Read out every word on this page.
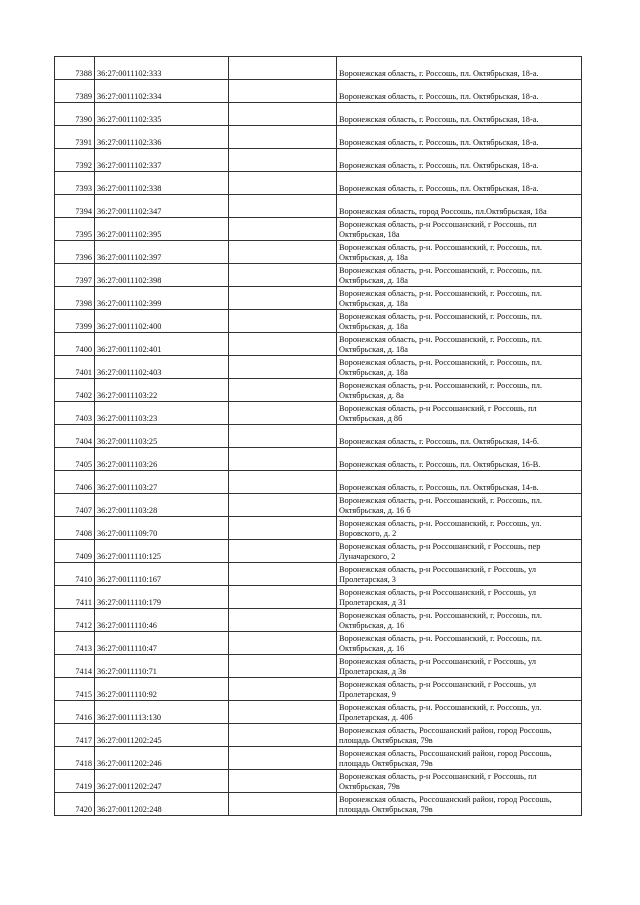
7388	36:27:0011102:333		Воронежская область, г. Россошь, пл. Октябрьская, 18-а.
7389	36:27:0011102:334		Воронежская область, г. Россошь, пл. Октябрьская, 18-а.
7390	36:27:0011102:335		Воронежская область, г. Россошь, пл. Октябрьская, 18-а.
7391	36:27:0011102:336		Воронежская область, г. Россошь, пл. Октябрьская, 18-а.
7392	36:27:0011102:337		Воронежская область, г. Россошь, пл. Октябрьская, 18-а.
7393	36:27:0011102:338		Воронежская область, г. Россошь, пл. Октябрьская, 18-а.
7394	36:27:0011102:347		Воронежская область, город Россошь, пл.Октябрьская, 18а
7395	36:27:0011102:395		Воронежская область, р-н Россошанский, г Россошь, пл Октябрьская, 18а
7396	36:27:0011102:397		Воронежская область, р-н. Россошанский, г. Россошь, пл. Октябрьская, д. 18а
7397	36:27:0011102:398		Воронежская область, р-н. Россошанский, г. Россошь, пл. Октябрьская, д. 18а
7398	36:27:0011102:399		Воронежская область, р-н. Россошанский, г. Россошь, пл. Октябрьская, д. 18а
7399	36:27:0011102:400		Воронежская область, р-н. Россошанский, г. Россошь, пл. Октябрьская, д. 18а
7400	36:27:0011102:401		Воронежская область, р-н. Россошанский, г. Россошь, пл. Октябрьская, д. 18а
7401	36:27:0011102:403		Воронежская область, р-н. Россошанский, г. Россошь, пл. Октябрьская, д. 18а
7402	36:27:0011103:22		Воронежская область, р-н. Россошанский, г. Россошь, пл. Октябрьская, д. 8а
7403	36:27:0011103:23		Воронежская область, р-н Россошанский, г Россошь, пл Октябрьская, д 8б
7404	36:27:0011103:25		Воронежская область, г. Россошь, пл. Октябрьская, 14-б.
7405	36:27:0011103:26		Воронежская область, г. Россошь, пл. Октябрьская, 16-В.
7406	36:27:0011103:27		Воронежская область, г. Россошь, пл. Октябрьская, 14-в.
7407	36:27:0011103:28		Воронежская область, р-н. Россошанский, г. Россошь, пл. Октябрьская, д. 16 б
7408	36:27:0011109:70		Воронежская область, р-н. Россошанский, г. Россошь, ул. Воровского, д. 2
7409	36:27:0011110:125		Воронежская область, р-н Россошанский, г Россошь, пер Луначарского, 2
7410	36:27:0011110:167		Воронежская область, р-н Россошанский, г Россошь, ул Пролетарская, 3
7411	36:27:0011110:179		Воронежская область, р-н Россошанский, г Россошь, ул Пролетарская, д 31
7412	36:27:0011110:46		Воронежская область, р-н. Россошанский, г. Россошь, пл. Октябрьская, д. 16
7413	36:27:0011110:47		Воронежская область, р-н. Россошанский, г. Россошь, пл. Октябрьская, д. 16
7414	36:27:0011110:71		Воронежская область, р-н Россошанский, г Россошь, ул Пролетарская, д 3в
7415	36:27:0011110:92		Воронежская область, р-н Россошанский, г Россошь, ул Пролетарская, 9
7416	36:27:0011113:130		Воронежская область, р-н. Россошанский, г. Россошь, ул. Пролетарская, д. 40б
7417	36:27:0011202:245		Воронежская область, Россошанский район, город Россошь, площадь Октябрьская, 79в
7418	36:27:0011202:246		Воронежская область, Россошанский район, город Россошь, площадь Октябрьская, 79в
7419	36:27:0011202:247		Воронежская область, р-н Россошанский, г Россошь, пл Октябрьская, 79в
7420	36:27:0011202:248		Воронежская область, Россошанский район, город Россошь, площадь Октябрьская, 79в
